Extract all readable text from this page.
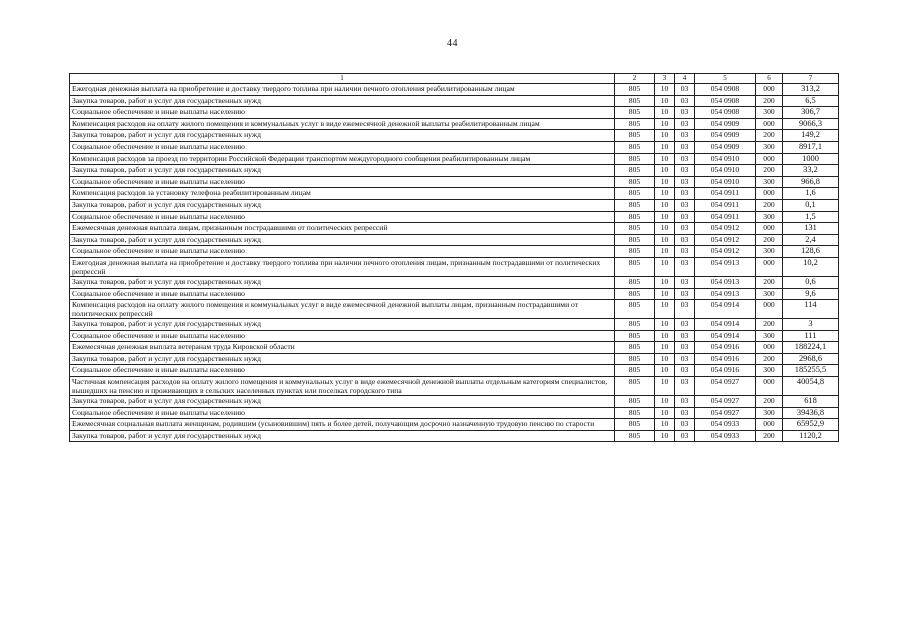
44
1	2	3	4	5	6	7
Ежегодная денежная выплата на приобретение и доставку твердого топлива при наличии печного отопления реабилитированным лицам	805	10	03	054 0908	000	313,2
Закупка товаров, работ и услуг для государственных нужд	805	10	03	054 0908	200	6,5
Социальное обеспечение и иные выплаты населению	805	10	03	054 0908	300	306,7
Компенсация расходов на оплату жилого помещения и коммунальных услуг в виде ежемесячной денежной выплаты реабилитированным лицам	805	10	03	054 0909	000	9066,3
Закупка товаров, работ и услуг для государственных нужд	805	10	03	054 0909	200	149,2
Социальное обеспечение и иные выплаты населению	805	10	03	054 0909	300	8917,1
Компенсация расходов за проезд по территории Российской Федерации транспортом междугородного сообщения реабилитированным лицам	805	10	03	054 0910	000	1000
Закупка товаров, работ и услуг для государственных нужд	805	10	03	054 0910	200	33,2
Социальное обеспечение и иные выплаты населению	805	10	03	054 0910	300	966,8
Компенсация расходов за установку телефона реабилитированным лицам	805	10	03	054 0911	000	1,6
Закупка товаров, работ и услуг для государственных нужд	805	10	03	054 0911	200	0,1
Социальное обеспечение и иные выплаты населению	805	10	03	054 0911	300	1,5
Ежемесячная денежная выплата лицам, признанным пострадавшими от политических репрессий	805	10	03	054 0912	000	131
Закупка товаров, работ и услуг для государственных нужд	805	10	03	054 0912	200	2,4
Социальное обеспечение и иные выплаты населению	805	10	03	054 0912	300	128,6
Ежегодная денежная выплата на приобретение и доставку твердого топлива при наличии печного отопления лицам, признанным пострадавшими от политических репрессий	805	10	03	054 0913	000	10,2
Закупка товаров, работ и услуг для государственных нужд	805	10	03	054 0913	200	0,6
Социальное обеспечение и иные выплаты населению	805	10	03	054 0913	300	9,6
Компенсация расходов на оплату жилого помещения и коммунальных услуг в виде ежемесячной денежной выплаты лицам, признанным пострадавшими от политических репрессий	805	10	03	054 0914	000	114
Закупка товаров, работ и услуг для государственных нужд	805	10	03	054 0914	200	3
Социальное обеспечение и иные выплаты населению	805	10	03	054 0914	300	111
Ежемесячная денежная выплата ветеранам труда Кировской области	805	10	03	054 0916	000	188224,1
Закупка товаров, работ и услуг для государственных нужд	805	10	03	054 0916	200	2968,6
Социальное обеспечение и иные выплаты населению	805	10	03	054 0916	300	185255,5
Частичная компенсация расходов на оплату жилого помещения и коммунальных услуг в виде ежемесячной денежной выплаты отдельным категориям специалистов, вышедших на пенсию и проживающих в сельских населенных пунктах или поселках городского типа	805	10	03	054 0927	000	40054,8
Закупка товаров, работ и услуг для государственных нужд	805	10	03	054 0927	200	618
Социальное обеспечение и иные выплаты населению	805	10	03	054 0927	300	39436,8
Ежемесячная социальная выплата женщинам, родившим (усыновившим) пять и более детей, получающим досрочно назначенную трудовую пенсию по старости	805	10	03	054 0933	000	65952,9
Закупка товаров, работ и услуг для государственных нужд	805	10	03	054 0933	200	1120,2
